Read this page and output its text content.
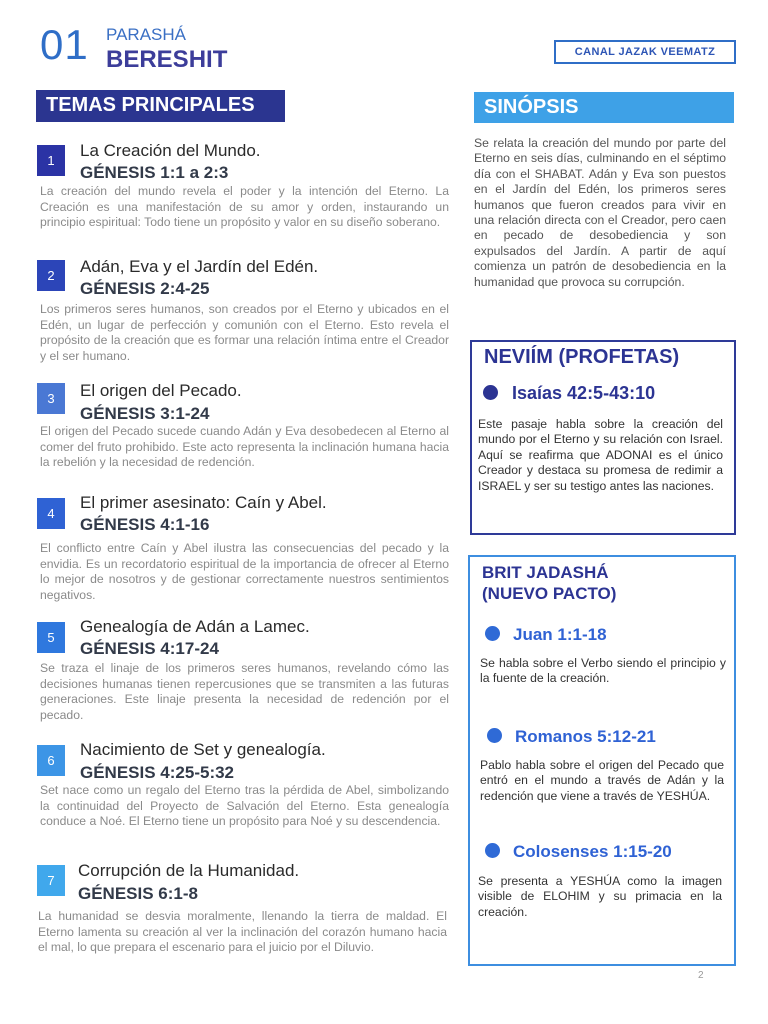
01 PARASHÁ
BERESHIT	CANAL JAZAK VEEMATZ
TEMAS PRINCIPALES	SINÓPSIS
1
La Creación del Mundo.
GÉNESIS 1:1 a 2:3
La creación del mundo revela el poder y la intención del Eterno. La Creación es una manifestación de su amor y orden, instaurando un principio espiritual: Todo tiene un propósito y valor en su diseño soberano.
2	Adán, Eva y el Jardín del Edén.
GÉNESIS 2:4-25
Los primeros seres humanos, son creados por el Eterno y ubicados en el Edén, un lugar de perfección y comunión con el Eterno. Esto revela el propósito de la creación que es formar una relación íntima entre el Creador y el ser humano.
3	El origen del Pecado.
GÉNESIS 3:1-24
El origen del Pecado sucede cuando Adán y Eva desobedecen al Eterno al comer del fruto prohibido. Este acto representa la inclinación humana hacia la rebelión y la necesidad de redención.
4
El primer asesinato: Caín y Abel.
GÉNESIS 4:1-16
El conflicto entre Caín y Abel ilustra las consecuencias del pecado y la envidia. Es un recordatorio espiritual de la importancia de ofrecer al Eterno lo mejor de nosotros y de gestionar correctamente nuestros sentimientos negativos.
5
Genealogía de Adán a Lamec.
GÉNESIS 4:17-24
Se traza el linaje de los primeros seres humanos, revelando cómo las decisiones humanas tienen repercusiones que se transmiten a las futuras generaciones. Este linaje presenta la necesidad de redención por el pecado.
6
Nacimiento de Set y genealogía.
GÉNESIS 4:25-5:32
Set nace como un regalo del Eterno tras la pérdida de Abel, simbolizando la continuidad del Proyecto de Salvación del Eterno. Esta genealogía conduce a Noé. El Eterno tiene un propósito para Noé y su descendencia.
7
Corrupción de la Humanidad.
GÉNESIS 6:1-8
La humanidad se desvia moralmente, llenando la tierra de maldad. El Eterno lamenta su creación al ver la inclinación del corazón humano hacia el mal, lo que prepara el escenario para el juicio por el Diluvio.
Se relata la creación del mundo por parte del Eterno en seis días, culminando en el séptimo día con el SHABAT. Adán y Eva son puestos en el Jardín del Edén, los primeros seres humanos que fueron creados para vivir en una relación directa con el Creador, pero caen en pecado de desobediencia y son expulsados del Jardín. A partir de aquí comienza un patrón de desobediencia en la humanidad que provoca su corrupción.
NEVIÍM (PROFETAS)
Isaías 42:5-43:10
Este pasaje habla sobre la creación del mundo por el Eterno y su relación con Israel. Aquí se reafirma que ADONAI es el único Creador y destaca su promesa de redimir a ISRAEL y ser su testigo antes las naciones.
BRIT JADASHÁ
(NUEVO PACTO)
Juan 1:1-18
Se habla sobre el Verbo siendo el principio y la fuente de la creación.
Romanos 5:12-21
Pablo habla sobre el origen del Pecado que entró en el mundo a través de Adán y la redención que viene a través de YESHÚA.
Colosenses 1:15-20
Se presenta a YESHÚA como la imagen visible de ELOHIM y su primacia en la creación.
2
